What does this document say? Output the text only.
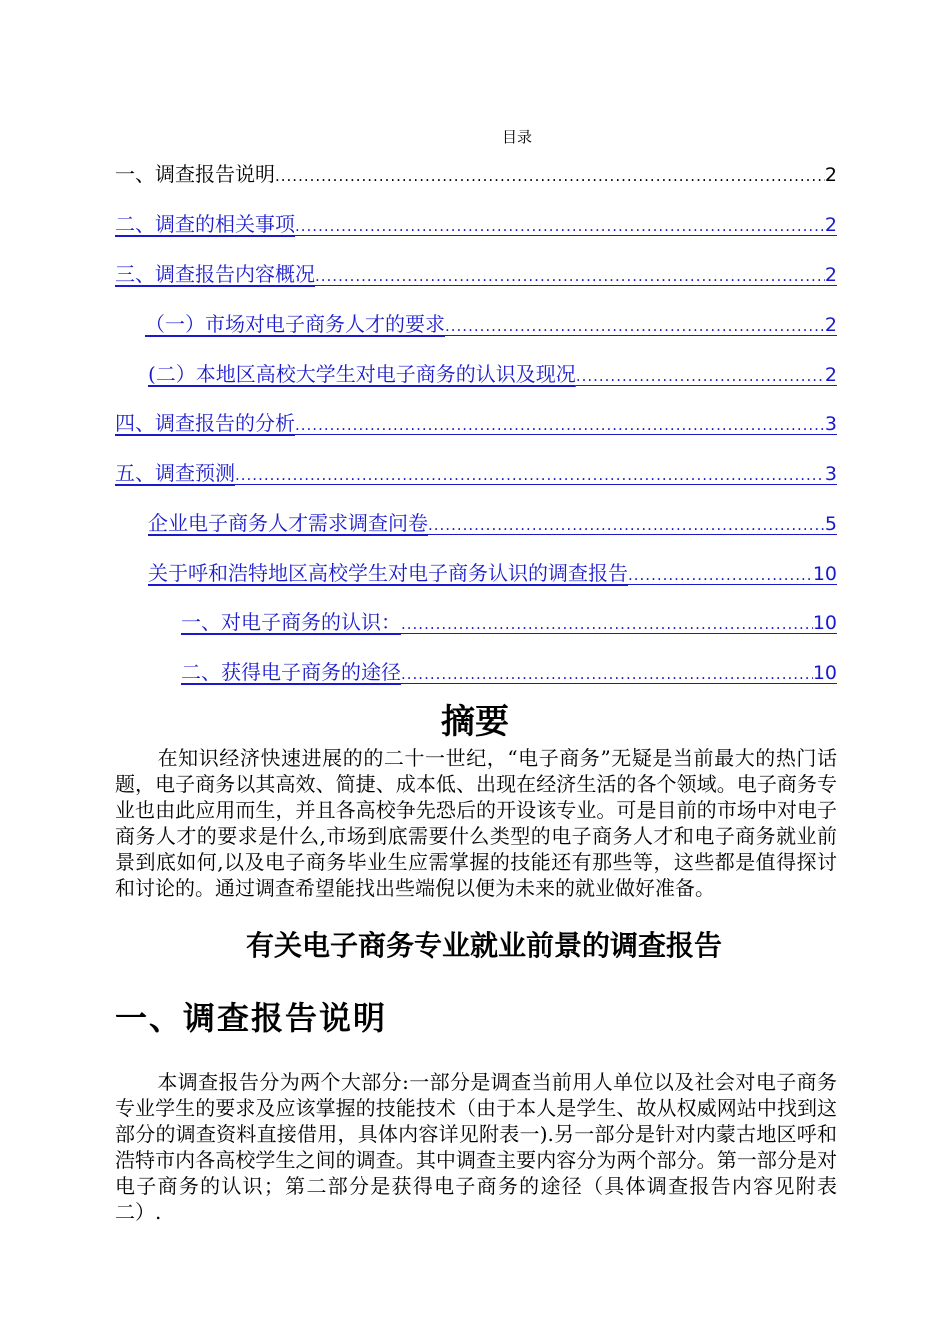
目录
一、调查报告说明 .....	2
二、调查的相关事项 .....	2
三、调查报告内容概况 .....	2
（一）市场对电子商务人才的要求 .....	2
(二）本地区高校大学生对电子商务的认识及现况 .....	2
四、调查报告的分析 .....	3
五、调查预测 .....	3
企业电子商务人才需求调查问卷 .....	5
关于呼和浩特地区高校学生对电子商务认识的调查报告 .....	10
一、对电子商务的认识： .....	10
二、获得电子商务的途径 .....	10
摘要
在知识经济快速进展的的二十一世纪，“电子商务”无疑是当前最大的热门话题，电子商务以其高效、简捷、成本低、出现在经济生活的各个领域。电子商务专业也由此应用而生，并且各高校争先恐后的开设该专业。可是目前的市场中对电子商务人才的要求是什么,市场到底需要什么类型的电子商务人才和电子商务就业前景到底如何,以及电子商务毕业生应需掌握的技能还有那些等，这些都是值得探讨和讨论的。通过调查希望能找出些端倪以便为未来的就业做好准备。
有关电子商务专业就业前景的调查报告
一、调查报告说明
本调查报告分为两个大部分:一部分是调查当前用人单位以及社会对电子商务专业学生的要求及应该掌握的技能技术（由于本人是学生、故从权威网站中找到这部分的调查资料直接借用，具体内容详见附表一).另一部分是针对内蒙古地区呼和浩特市内各高校学生之间的调查。其中调查主要内容分为两个部分。第一部分是对电子商务的认识；第二部分是获得电子商务的途径（具体调查报告内容见附表二）.
